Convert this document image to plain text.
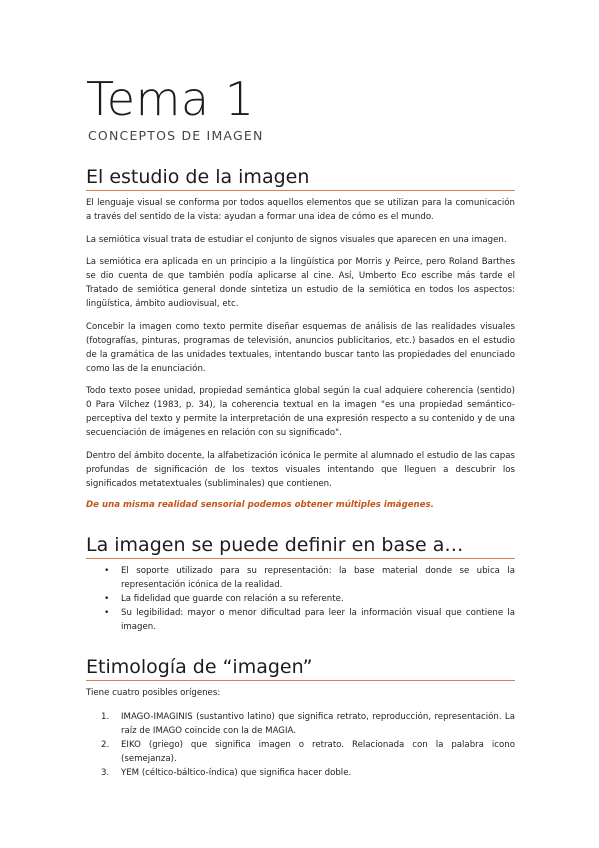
Tema 1
CONCEPTOS DE IMAGEN
El estudio de la imagen

El lenguaje visual se conforma por todos aquellos elementos que se utilizan para la comunicación a través del sentido de la vista: ayudan a formar una idea de cómo es el mundo.

La semiótica visual trata de estudiar el conjunto de signos visuales que aparecen en una imagen.

La semiótica era aplicada en un principio a la lingüística por Morris y Peirce, pero Roland Barthes se dio cuenta de que también podía aplicarse al cine. Así, Umberto Eco escribe más tarde el Tratado de semiótica general donde sintetiza un estudio de la semiótica en todos los aspectos: lingüística, ámbito audiovisual, etc.

Concebir la imagen como texto permite diseñar esquemas de análisis de las realidades visuales (fotografías, pinturas, programas de televisión, anuncios publicitarios, etc.) basados en el estudio de la gramática de las unidades textuales, intentando buscar tanto las propiedades del enunciado como las de la enunciación.

Todo texto posee unidad, propiedad semántica global según la cual adquiere coherencia (sentido) 0 Para Vilchez (1983, p. 34), la coherencia textual en la imagen "es una propiedad semántico-perceptiva del texto y permite la interpretación de una expresión respecto a su contenido y de una secuenciación de imágenes en relación con su significado".

Dentro del ámbito docente, la alfabetización icónica le permite al alumnado el estudio de las capas profundas de significación de los textos visuales intentando que lleguen a descubrir los significados metatextuales (subliminales) que contienen.

De una misma realidad sensorial podemos obtener múltiples imágenes.

La imagen se puede definir en base a…
• El soporte utilizado para su representación: la base material donde se ubica la representación icónica de la realidad.
• La fidelidad que guarde con relación a su referente.
• Su legibilidad: mayor o menor dificultad para leer la información visual que contiene la imagen.
Etimología de “imagen”

Tiene cuatro posibles orígenes:

1. IMAGO-IMAGINIS (sustantivo latino) que significa retrato, reproducción, representación. La raíz de IMAGO coincide con la de MAGIA.
2. EIKO (griego) que significa imagen o retrato. Relacionada con la palabra icono (semejanza).
3. YEM (céltico-báltico-índica) que significa hacer doble.
